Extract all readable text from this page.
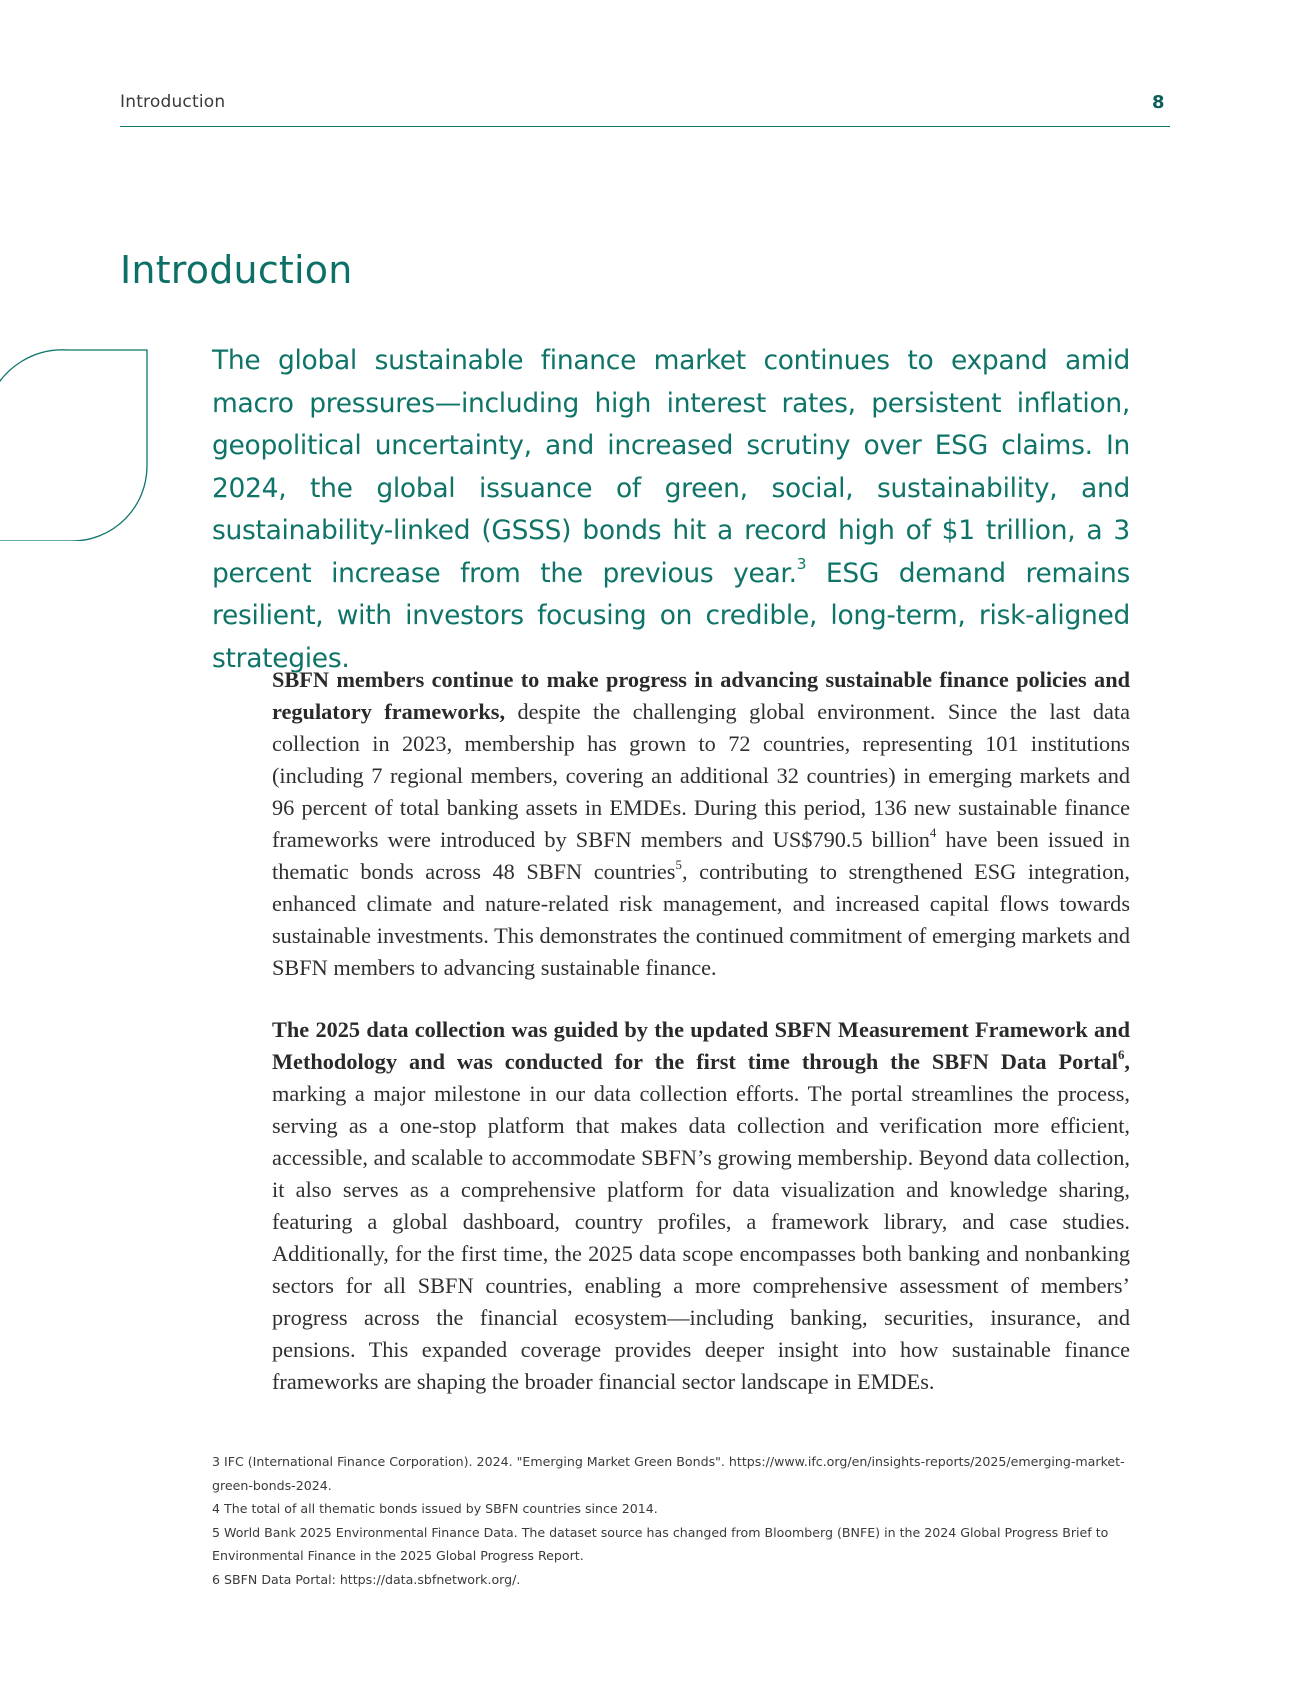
Introduction	8
Introduction

The global sustainable finance market continues to expand amid macro pressures—including high interest rates, persistent inflation, geopolitical uncertainty, and increased scrutiny over ESG claims. In 2024, the global issuance of green, social, sustainability, and sustainability-linked (GSSS) bonds hit a record high of $1 trillion, a 3 percent increase from the previous year.$^3$ ESG demand remains resilient, with investors focusing on credible, long-term, risk-aligned strategies.

SBFN members continue to make progress in advancing sustainable finance policies and regulatory frameworks, despite the challenging global environment. Since the last data collection in 2023, membership has grown to 72 countries, representing 101 institutions (including 7 regional members, covering an additional 32 countries) in emerging markets and 96 percent of total banking assets in EMDEs. During this period, 136 new sustainable finance frameworks were introduced by SBFN members and US$790.5 billion$^4$ have been issued in thematic bonds across 48 SBFN countries$^5$, contributing to strengthened ESG integration, enhanced climate and nature-related risk management, and increased capital flows towards sustainable investments. This demonstrates the continued commitment of emerging markets and SBFN members to advancing sustainable finance.

The 2025 data collection was guided by the updated SBFN Measurement Framework and Methodology and was conducted for the first time through the SBFN Data Portal$^6$, marking a major milestone in our data collection efforts. The portal streamlines the process, serving as a one-stop platform that makes data collection and verification more efficient, accessible, and scalable to accommodate SBFN’s growing membership. Beyond data collection, it also serves as a comprehensive platform for data visualization and knowledge sharing, featuring a global dashboard, country profiles, a framework library, and case studies. Additionally, for the first time, the 2025 data scope encompasses both banking and nonbanking sectors for all SBFN countries, enabling a more comprehensive assessment of members’ progress across the financial ecosystem—including banking, securities, insurance, and pensions. This expanded coverage provides deeper insight into how sustainable finance frameworks are shaping the broader financial sector landscape in EMDEs.

3 IFC (International Finance Corporation). 2024. "Emerging Market Green Bonds". https://www.ifc.org/en/insights-reports/2025/emerging-market-green-bonds-2024.

4 The total of all thematic bonds issued by SBFN countries since 2014.

5 World Bank 2025 Environmental Finance Data. The dataset source has changed from Bloomberg (BNFE) in the 2024 Global Progress Brief to Environmental Finance in the 2025 Global Progress Report.

6 SBFN Data Portal: https://data.sbfnetwork.org/.
